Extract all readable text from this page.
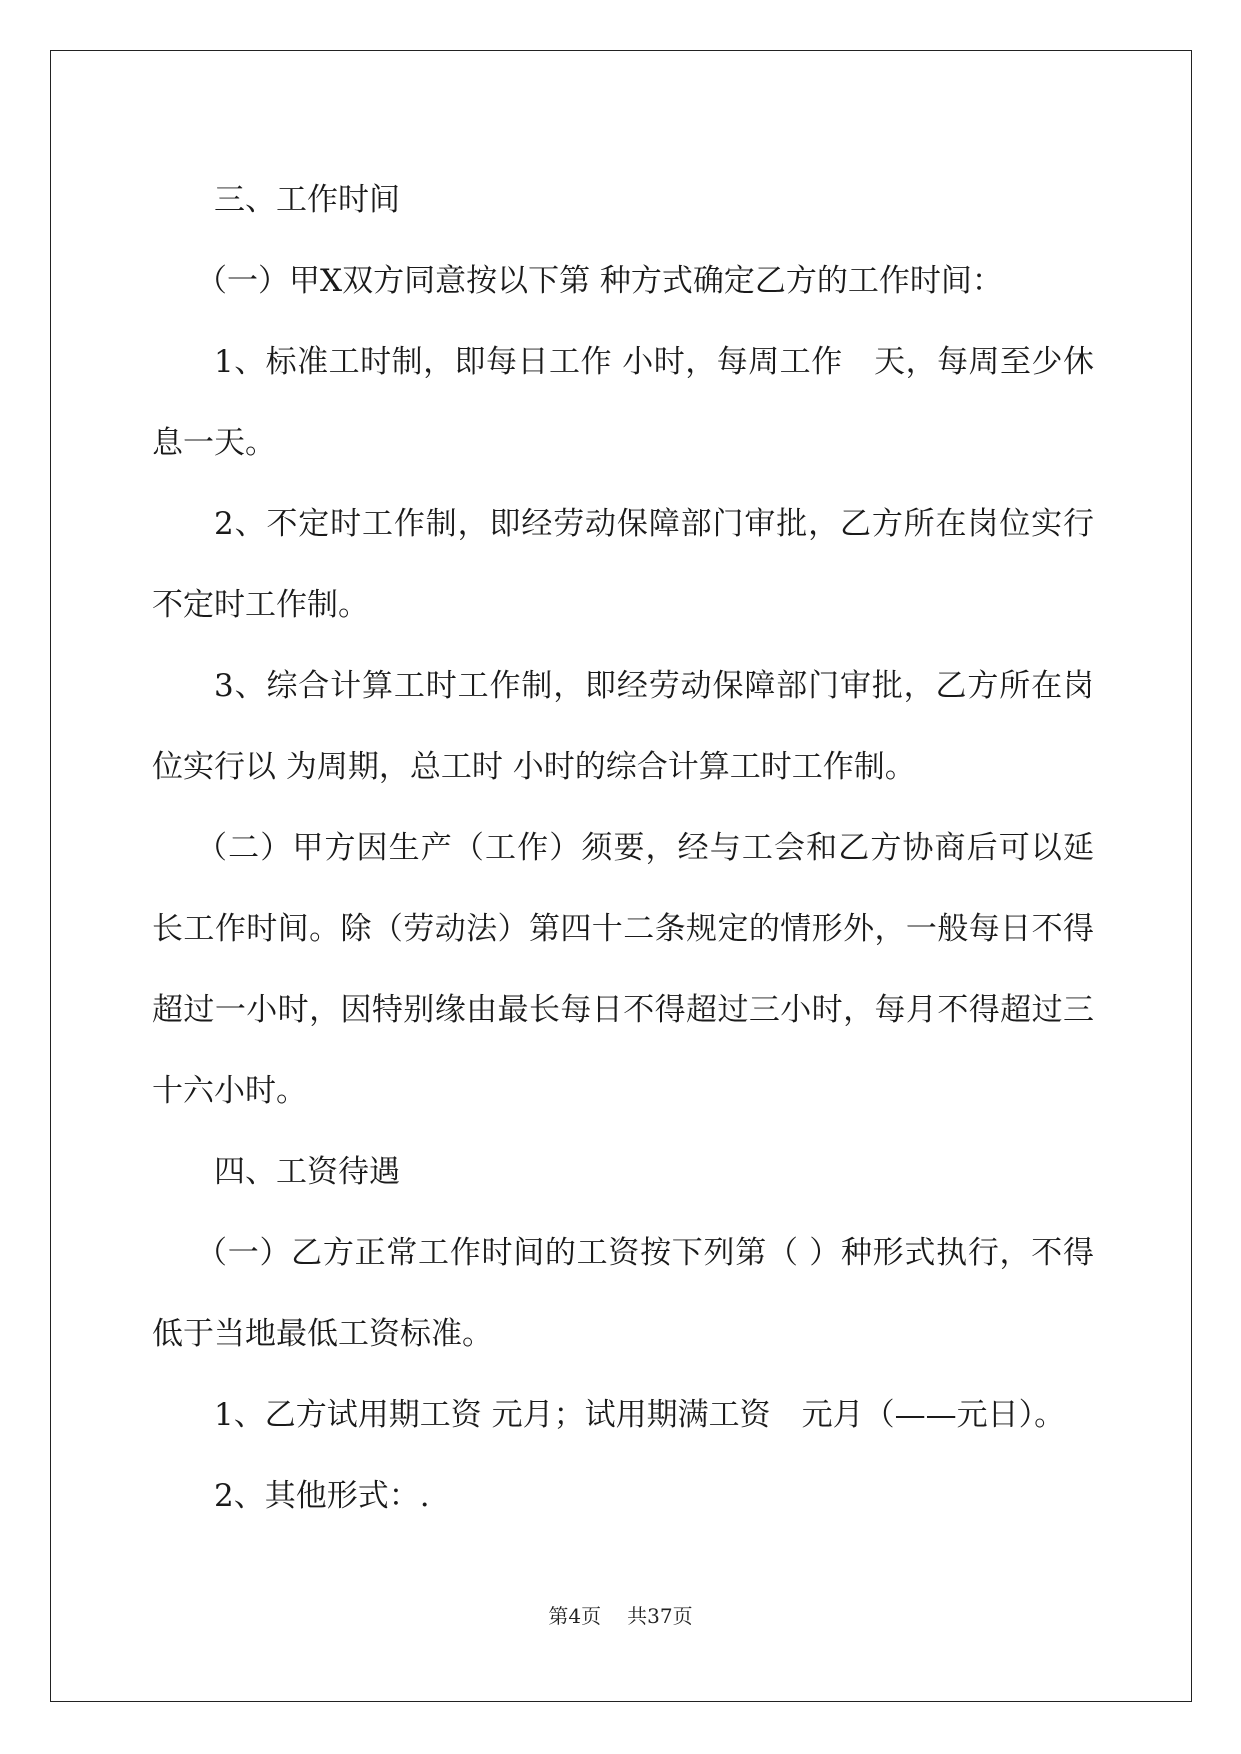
三、工作时间

（一）甲X双方同意按以下第 种方式确定乙方的工作时间：

1、标准工时制，即每日工作 小时，每周工作　天，每周至少休息一天。

2、不定时工作制，即经劳动保障部门审批，乙方所在岗位实行不定时工作制。

3、综合计算工时工作制，即经劳动保障部门审批，乙方所在岗位实行以 为周期，总工时 小时的综合计算工时工作制。

（二）甲方因生产（工作）须要，经与工会和乙方协商后可以延长工作时间。除（劳动法）第四十二条规定的情形外，一般每日不得超过一小时，因特别缘由最长每日不得超过三小时，每月不得超过三十六小时。

四、工资待遇

（一）乙方正常工作时间的工资按下列第（ ）种形式执行，不得低于当地最低工资标准。

1、乙方试用期工资 元月；试用期满工资　元月（——元日）。

2、其他形式：.

第4页 共37页
